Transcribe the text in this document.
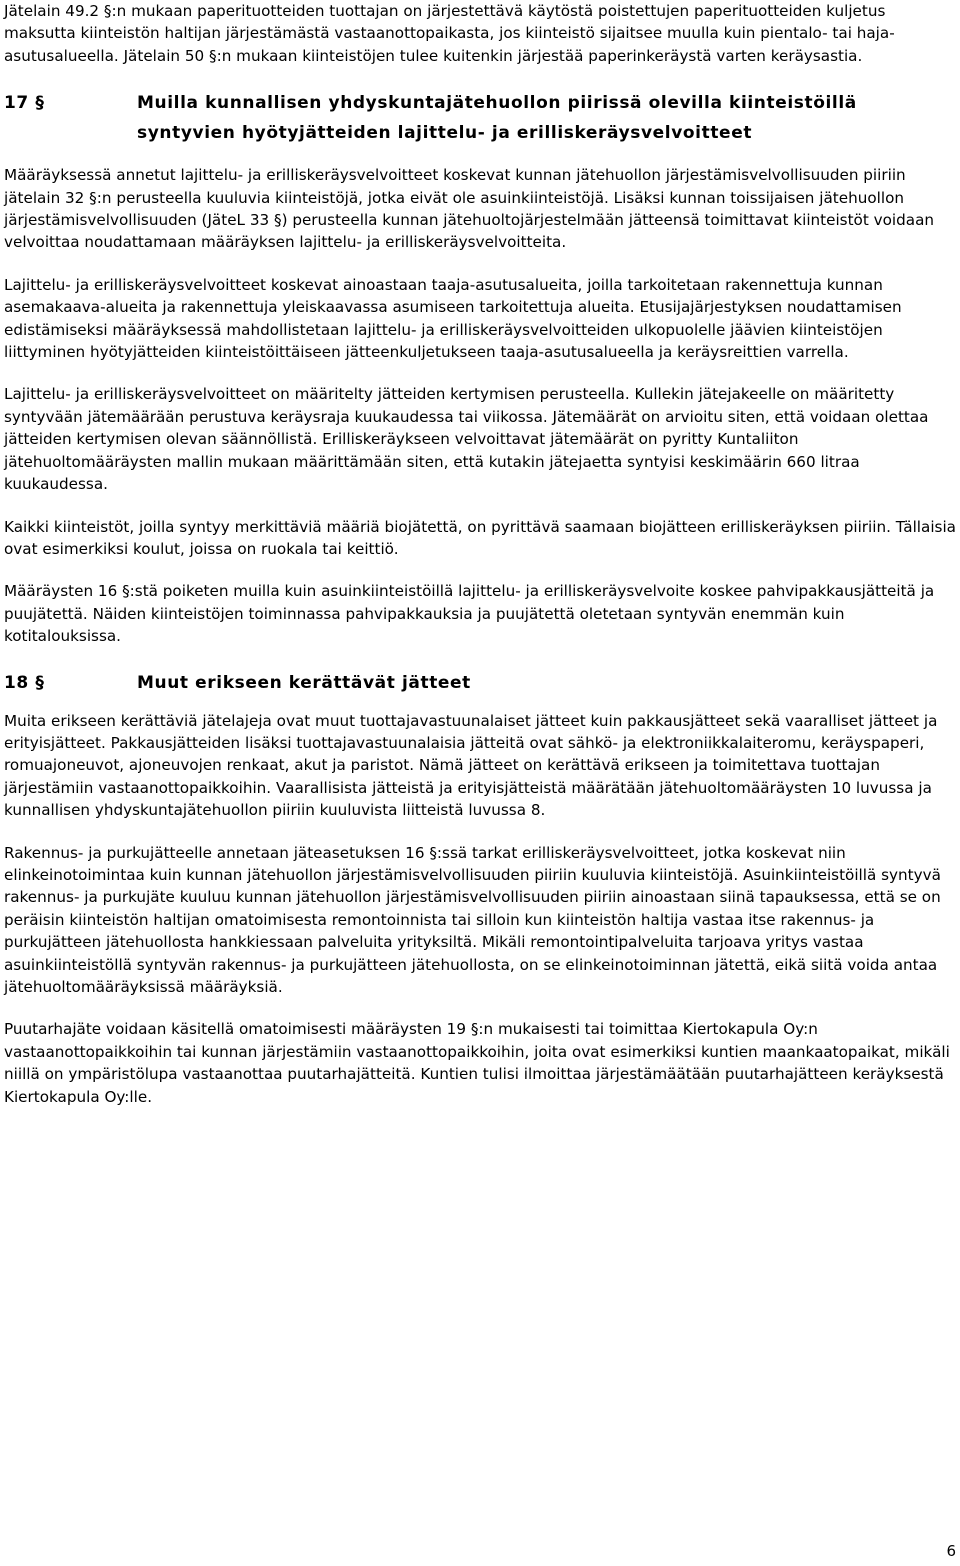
Jätelain 49.2 §:n mukaan paperituotteiden tuottajan on järjestettävä käytöstä poistettujen paperituotteiden kuljetus maksutta kiinteistön haltijan järjestämästä vastaanottopaikasta, jos kiinteistö sijaitsee muulla kuin pientalo- tai haja-asutusalueella. Jätelain 50 §:n mukaan kiinteistöjen tulee kuitenkin järjestää paperinkeräystä varten keräysastia.

17 §	Muilla kunnallisen yhdyskuntajätehuollon piirissä olevilla kiinteistöillä syntyvien hyötyjätteiden lajittelu- ja erilliskeräysvelvoitteet

Määräyksessä annetut lajittelu- ja erilliskeräysvelvoitteet koskevat kunnan jätehuollon järjestämisvelvollisuuden piiriin jätelain 32 §:n perusteella kuuluvia kiinteistöjä, jotka eivät ole asuinkiinteistöjä. Lisäksi kunnan toissijaisen jätehuollon järjestämisvelvollisuuden (JäteL 33 §) perusteella kunnan jätehuoltojärjestelmään jätteensä toimittavat kiinteistöt voidaan velvoittaa noudattamaan määräyksen lajittelu- ja erilliskeräysvelvoitteita.

Lajittelu- ja erilliskeräysvelvoitteet koskevat ainoastaan taaja-asutusalueita, joilla tarkoitetaan rakennettuja kunnan asemakaava-alueita ja rakennettuja yleiskaavassa asumiseen tarkoitettuja alueita. Etusijajärjestyksen noudattamisen edistämiseksi määräyksessä mahdollistetaan lajittelu- ja erilliskeräysvelvoitteiden ulkopuolelle jäävien kiinteistöjen liittyminen hyötyjätteiden kiinteistöittäiseen jätteenkuljetukseen taaja-asutusalueella ja keräysreittien varrella.

Lajittelu- ja erilliskeräysvelvoitteet on määritelty jätteiden kertymisen perusteella. Kullekin jätejakeelle on määritetty syntyvään jätemäärään perustuva keräysraja kuukaudessa tai viikossa. Jätemäärät on arvioitu siten, että voidaan olettaa jätteiden kertymisen olevan säännöllistä. Erilliskeräykseen velvoittavat jätemäärät on pyritty Kuntaliiton jätehuoltomääräysten mallin mukaan määrittämään siten, että kutakin jätejaetta syntyisi keskimäärin 660 litraa kuukaudessa.

Kaikki kiinteistöt, joilla syntyy merkittäviä määriä biojätettä, on pyrittävä saamaan biojätteen erilliskeräyksen piiriin. Tällaisia ovat esimerkiksi koulut, joissa on ruokala tai keittiö.

Määräysten 16 §:stä poiketen muilla kuin asuinkiinteistöillä lajittelu- ja erilliskeräysvelvoite koskee pahvipakkausjätteitä ja puujätettä. Näiden kiinteistöjen toiminnassa pahvipakkauksia ja puujätettä oletetaan syntyvän enemmän kuin kotitalouksissa.

18 §	Muut erikseen kerättävät jätteet

Muita erikseen kerättäviä jätelajeja ovat muut tuottajavastuunalaiset jätteet kuin pakkausjätteet sekä vaaralliset jätteet ja erityisjätteet. Pakkausjätteiden lisäksi tuottajavastuunalaisia jätteitä ovat sähkö- ja elektroniikkalaiteromu, keräyspaperi, romuajoneuvot, ajoneuvojen renkaat, akut ja paristot. Nämä jätteet on kerättävä erikseen ja toimitettava tuottajan järjestämiin vastaanottopaikkoihin. Vaarallisista jätteistä ja erityisjätteistä määrätään jätehuoltomääräysten 10 luvussa ja kunnallisen yhdyskuntajätehuollon piiriin kuuluvista liitteistä luvussa 8.

Rakennus- ja purkujätteelle annetaan jäteasetuksen 16 §:ssä tarkat erilliskeräysvelvoitteet, jotka koskevat niin elinkeinotoimintaa kuin kunnan jätehuollon järjestämisvelvollisuuden piiriin kuuluvia kiinteistöjä. Asuinkiinteistöillä syntyvä rakennus- ja purkujäte kuuluu kunnan jätehuollon järjestämisvelvollisuuden piiriin ainoastaan siinä tapauksessa, että se on peräisin kiinteistön haltijan omatoimisesta remontoinnista tai silloin kun kiinteistön haltija vastaa itse rakennus- ja purkujätteen jätehuollosta hankkiessaan palveluita yrityksiltä. Mikäli remontointipalveluita tarjoava yritys vastaa asuinkiinteistöllä syntyvän rakennus- ja purkujätteen jätehuollosta, on se elinkeinotoiminnan jätettä, eikä siitä voida antaa jätehuoltomääräyksissä määräyksiä.

Puutarhajäte voidaan käsitellä omatoimisesti määräysten 19 §:n mukaisesti tai toimittaa Kiertokapula Oy:n vastaanottopaikkoihin tai kunnan järjestämiin vastaanottopaikkoihin, joita ovat esimerkiksi kuntien maankaatopaikat, mikäli niillä on ympäristölupa vastaanottaa puutarhajätteitä. Kuntien tulisi ilmoittaa järjestämäätään puutarhajätteen keräyksestä Kiertokapula Oy:lle.

6
